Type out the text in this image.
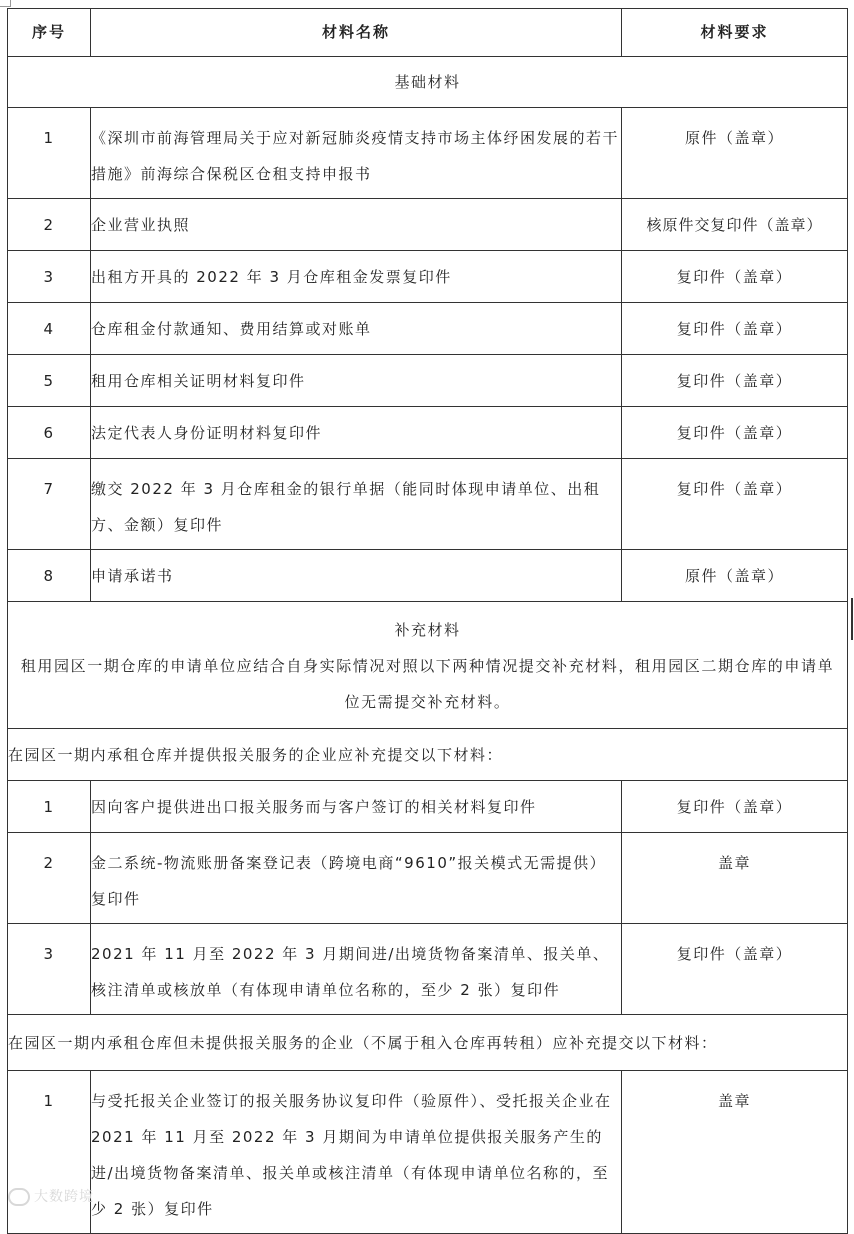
序号	材料名称	材料要求
基础材料		
1	《深圳市前海管理局关于应对新冠肺炎疫情支持市场主体纾困发展的若干措施》前海综合保税区仓租支持申报书	原件（盖章）
2	企业营业执照	核原件交复印件（盖章）
3	出租方开具的 2022 年 3 月仓库租金发票复印件	复印件（盖章）
4	仓库租金付款通知、费用结算或对账单	复印件（盖章）
5	租用仓库相关证明材料复印件	复印件（盖章）
6	法定代表人身份证明材料复印件	复印件（盖章）
7	缴交 2022 年 3 月仓库租金的银行单据（能同时体现申请单位、出租方、金额）复印件	复印件（盖章）
8	申请承诺书	原件（盖章）

补充材料
租用园区一期仓库的申请单位应结合自身实际情况对照以下两种情况提交补充材料，租用园区二期仓库的申请单位无需提交补充材料。		

在园区一期内承租仓库并提供报关服务的企业应补充提交以下材料：		
1	因向客户提供进出口报关服务而与客户签订的相关材料复印件	复印件（盖章）
2	金二系统-物流账册备案登记表（跨境电商“9610”报关模式无需提供）复印件	盖章
3	2021 年 11 月至 2022 年 3 月期间进/出境货物备案清单、报关单、核注清单或核放单（有体现申请单位名称的，至少 2 张）复印件	复印件（盖章）
在园区一期内承租仓库但未提供报关服务的企业（不属于租入仓库再转租）应补充提交以下材料：		
1	与受托报关企业签订的报关服务协议复印件（验原件）、受托报关企业在 2021 年 11 月至 2022 年 3 月期间为申请单位提供报关服务产生的进/出境货物备案清单、报关单或核注清单（有体现申请单位名称的，至少 2 张）复印件	盖章
大数跨境
